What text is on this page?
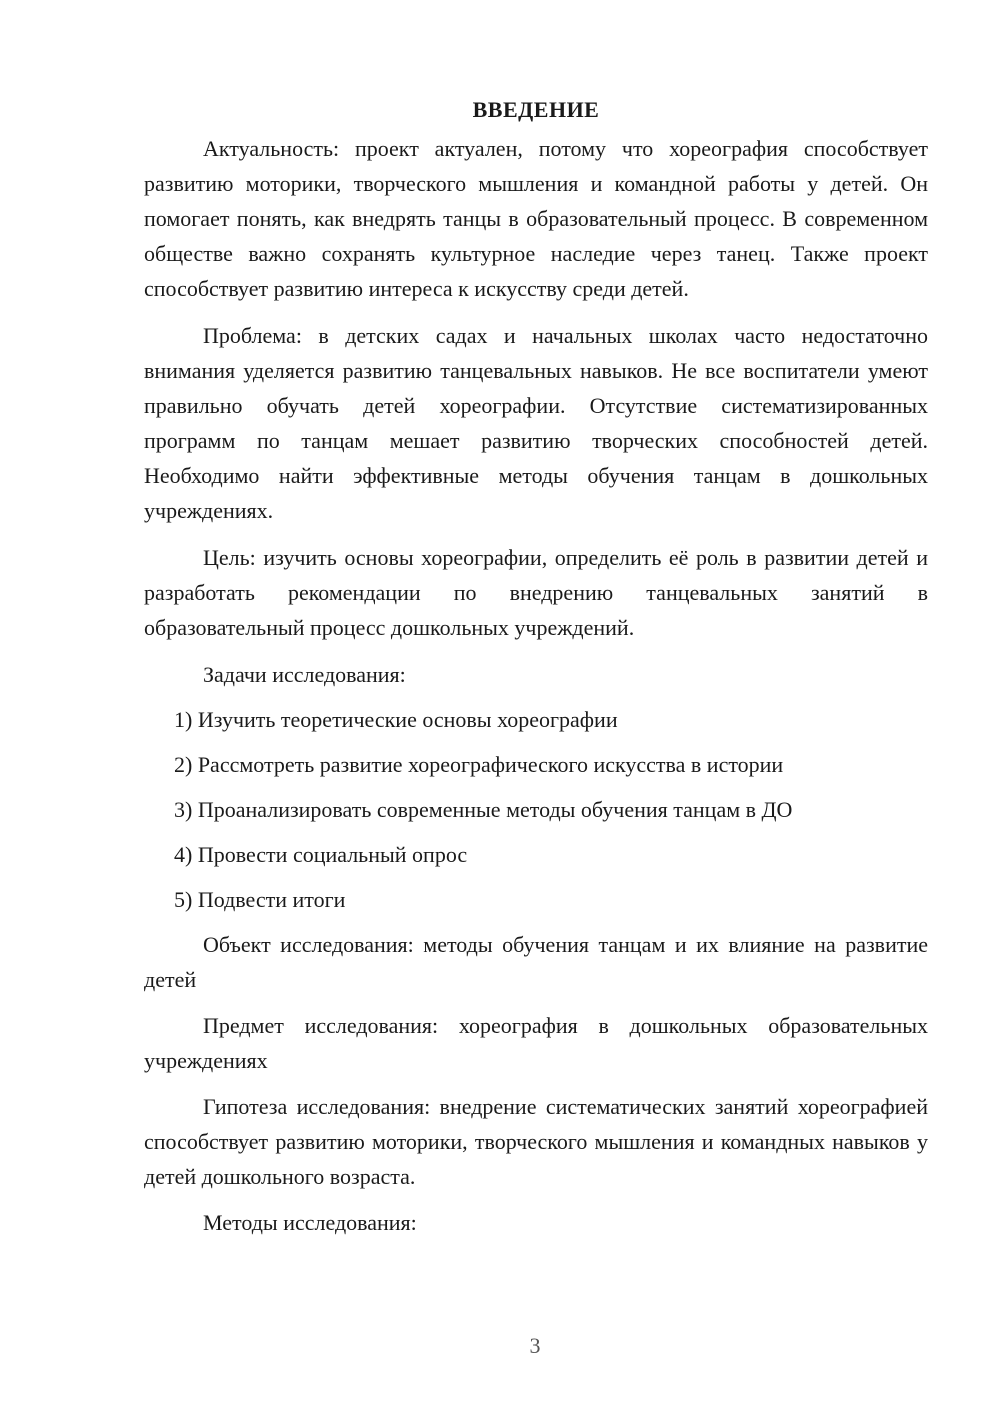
ВВЕДЕНИЕ

Актуальность: проект актуален, потому что хореография способствует развитию моторики, творческого мышления и командной работы у детей. Он помогает понять, как внедрять танцы в образовательный процесс. В современном обществе важно сохранять культурное наследие через танец. Также проект способствует развитию интереса к искусству среди детей.

Проблема: в детских садах и начальных школах часто недостаточно внимания уделяется развитию танцевальных навыков. Не все воспитатели умеют правильно обучать детей хореографии. Отсутствие систематизированных программ по танцам мешает развитию творческих способностей детей. Необходимо найти эффективные методы обучения танцам в дошкольных учреждениях.

Цель: изучить основы хореографии, определить её роль в развитии детей и разработать рекомендации по внедрению танцевальных занятий в образовательный процесс дошкольных учреждений.

Задачи исследования:

1) Изучить теоретические основы хореографии
2) Рассмотреть развитие хореографического искусства в истории
3) Проанализировать современные методы обучения танцам в ДО
4) Провести социальный опрос
5) Подвести итоги

Объект исследования: методы обучения танцам и их влияние на развитие детей

Предмет исследования: хореография в дошкольных образовательных учреждениях

Гипотеза исследования: внедрение систематических занятий хореографией способствует развитию моторики, творческого мышления и командных навыков у детей дошкольного возраста.

Методы исследования:

3
